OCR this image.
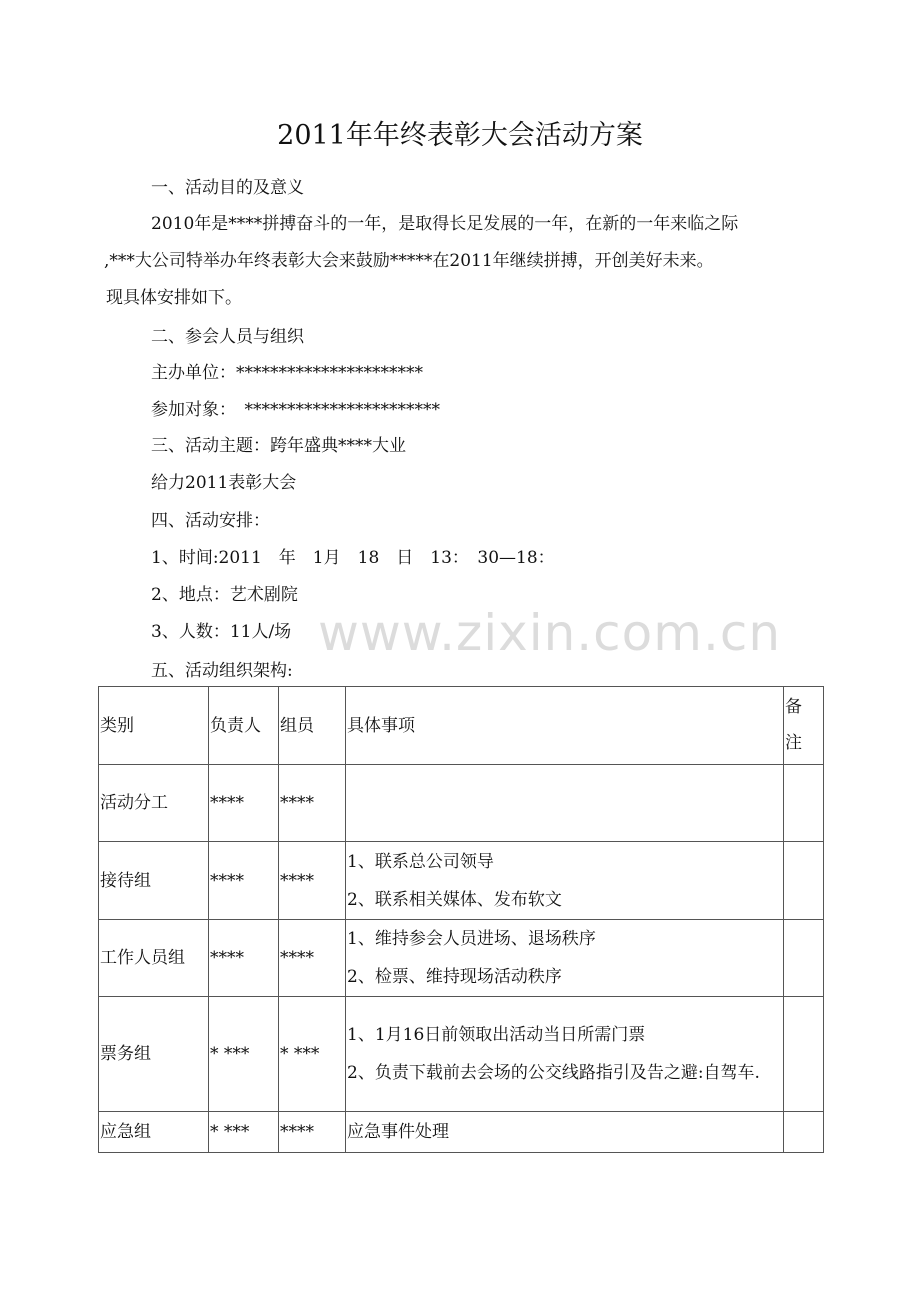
2011年年终表彰大会活动方案
一、活动目的及意义
2010年是****拼搏奋斗的一年，是取得长足发展的一年，在新的一年来临之际
,***大公司特举办年终表彰大会来鼓励*****在2011年继续拼搏，开创美好未来。
现具体安排如下。
二、参会人员与组织
主办单位：**********************
参加对象：　***********************
三、活动主题：跨年盛典****大业
给力2011表彰大会
四、活动安排：
1、时间:2011　年　1月　18　日　13：　30—18：
2、地点：艺术剧院
3、人数：11人/场
五、活动组织架构:
www.zixin.com.cn
类别	负责人	组员	具体事项	备注
活动分工	****	****	

接待组	****	****	1、联系总公司领导
2、联系相关媒体、发布软文	

工作人员组	****	****	1、维持参会人员进场、退场秩序
2、检票、维持现场活动秩序	

票务组	* ***	* ***	1、1月16日前领取出活动当日所需门票
2、负责下载前去会场的公交线路指引及告之避:自驾车.	

应急组	* ***	****	应急事件处理	
